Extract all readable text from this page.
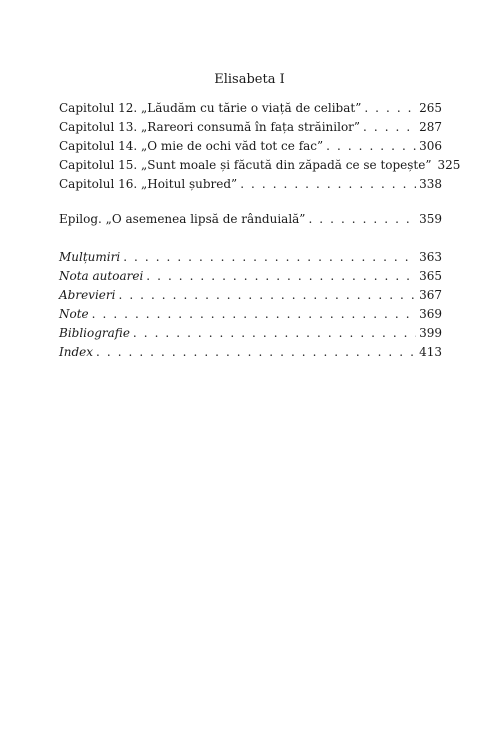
Elisabeta I
Capitolul 12. „Lăudăm cu tărie o viață de celibat” . . .	265
Capitolul 13. „Rareori consumă în fața străinilor” . . .	287
Capitolul 14. „O mie de ochi văd tot ce fac” . . .	306
Capitolul 15. „Sunt moale și făcută din zăpadă ce se topește” 325
Capitolul 16. „Hoitul șubred” . . .	338
Epilog. „O asemenea lipsă de rânduială” . . .	359
Mulțumiri . . .	363
Nota autoarei . . .	365
Abrevieri . . .	367
Note . . .	369
Bibliografie . . .	399
Index . . .	413
